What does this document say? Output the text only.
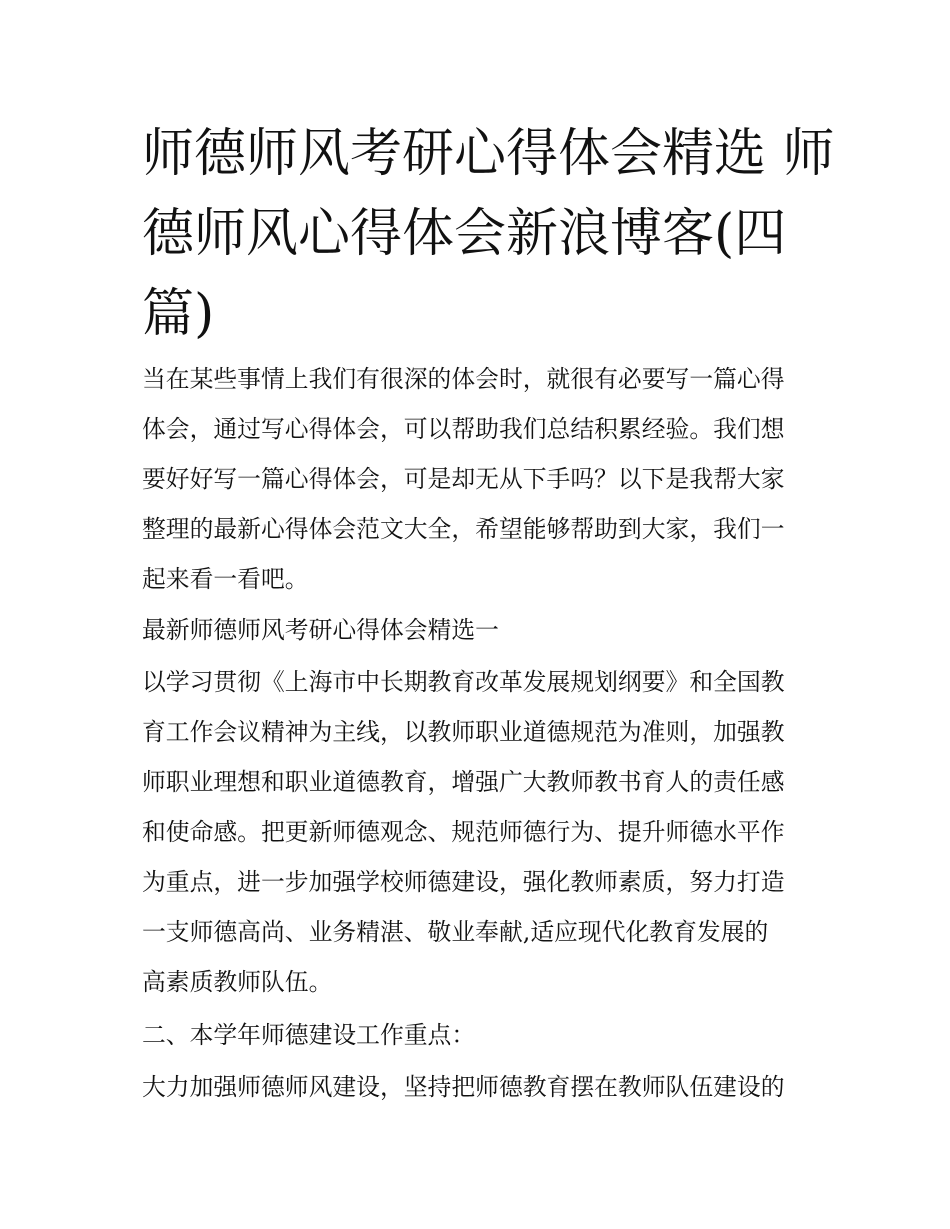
师德师风考研心得体会精选 师
德师风心得体会新浪博客(四
篇)
当在某些事情上我们有很深的体会时，就很有必要写一篇心得
体会，通过写心得体会，可以帮助我们总结积累经验。我们想
要好好写一篇心得体会，可是却无从下手吗？以下是我帮大家
整理的最新心得体会范文大全，希望能够帮助到大家，我们一
起来看一看吧。
最新师德师风考研心得体会精选一
以学习贯彻《上海市中长期教育改革发展规划纲要》和全国教
育工作会议精神为主线，以教师职业道德规范为准则，加强教
师职业理想和职业道德教育，增强广大教师教书育人的责任感
和使命感。把更新师德观念、规范师德行为、提升师德水平作
为重点，进一步加强学校师德建设，强化教师素质，努力打造
一支师德高尚、业务精湛、敬业奉献,适应现代化教育发展的
高素质教师队伍。
二、本学年师德建设工作重点：
大力加强师德师风建设，坚持把师德教育摆在教师队伍建设的
